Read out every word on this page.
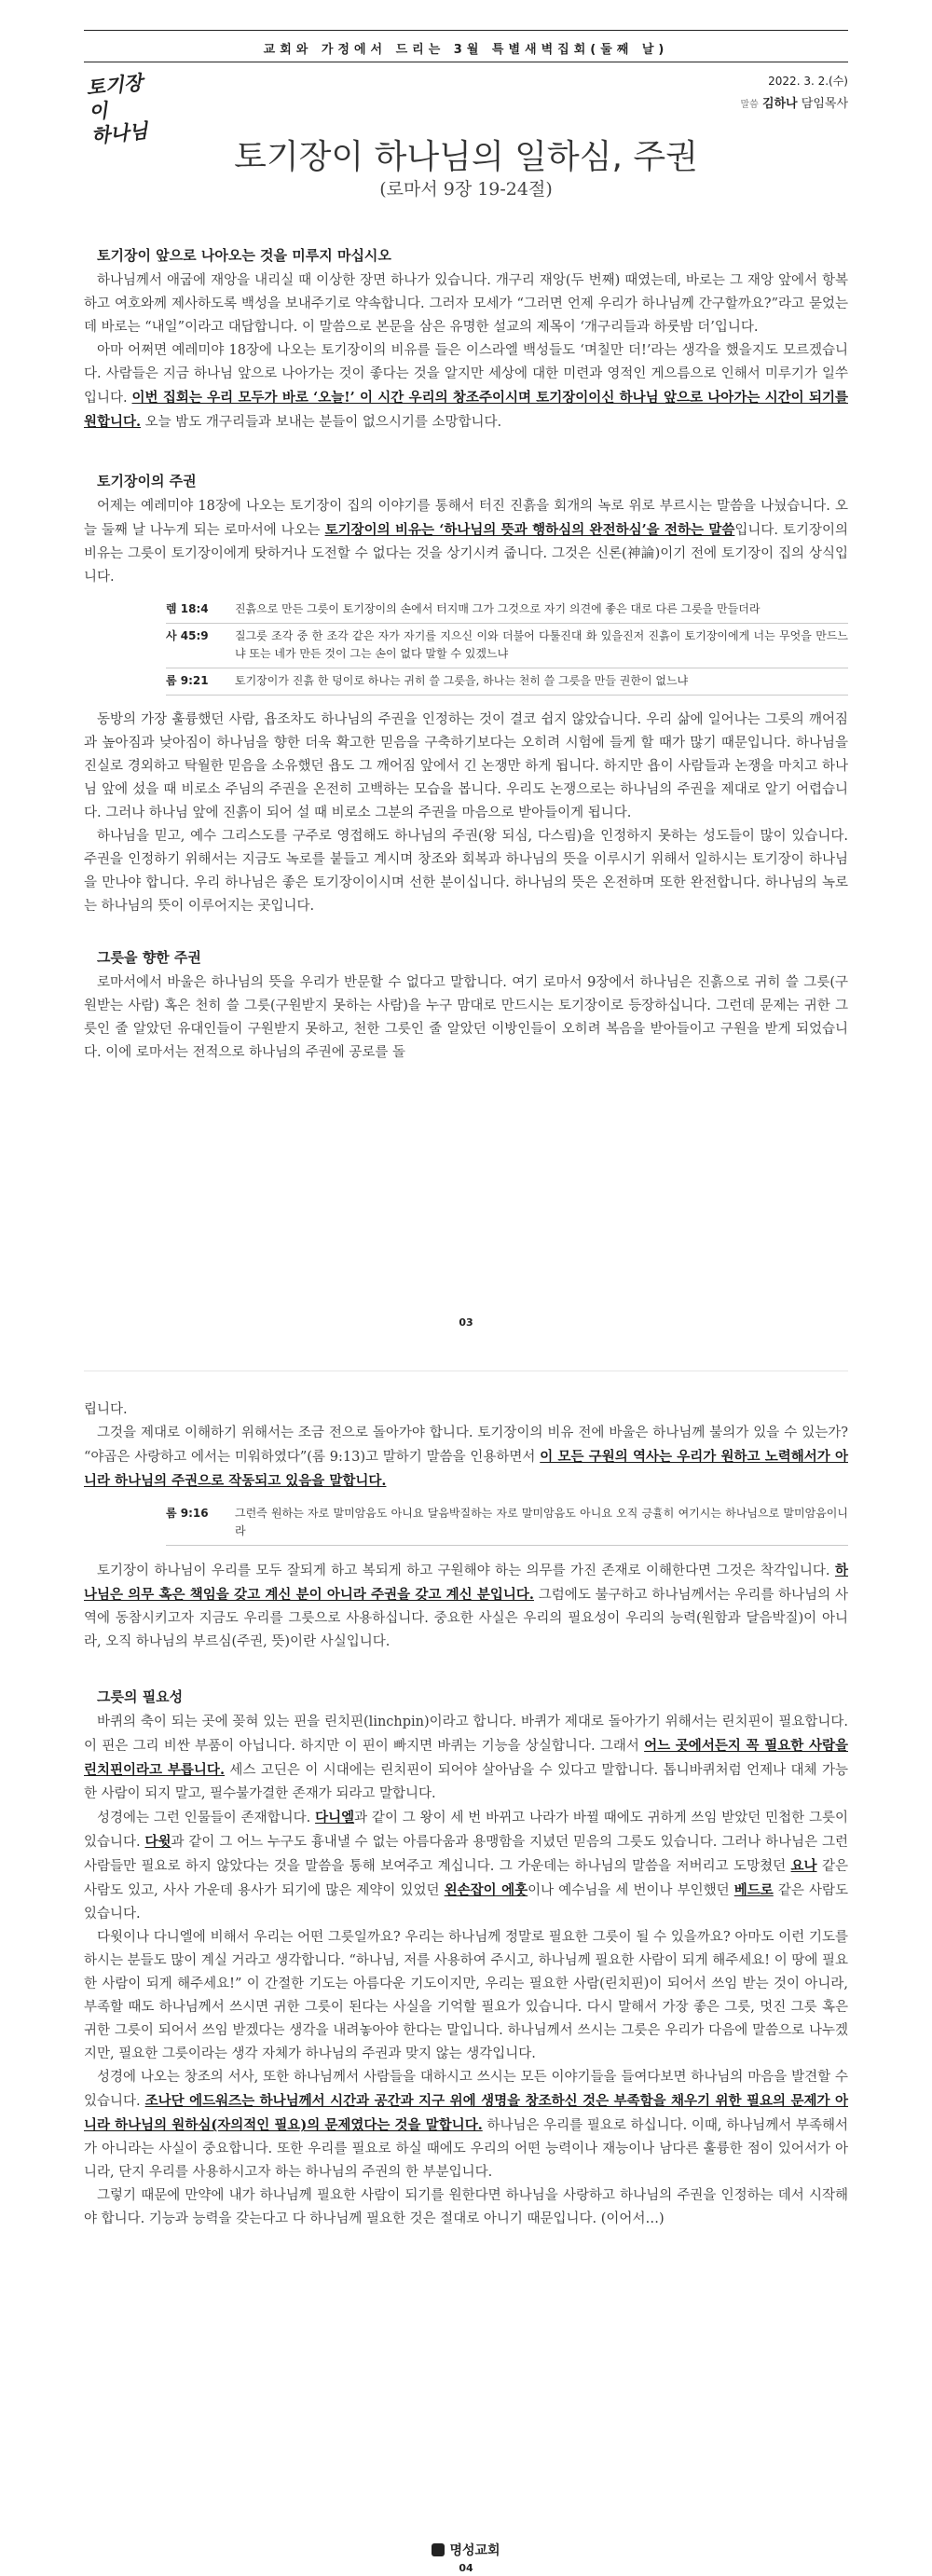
교회와 가정에서 드리는 3월 특별새벽집회(둘째 날)
토기장이
하나님
2022. 3. 2.(수)
말씀 김하나 담임목사
토기장이 하나님의 일하심, 주권
(로마서 9장 19-24절)
토기장이 앞으로 나아오는 것을 미루지 마십시오

하나님께서 애굽에 재앙을 내리실 때 이상한 장면 하나가 있습니다. 개구리 재앙(두 번째) 때였는데, 바로는 그 재앙 앞에서 항복하고 여호와께 제사하도록 백성을 보내주기로 약속합니다. 그러자 모세가 “그러면 언제 우리가 하나님께 간구할까요?”라고 묻었는데 바로는 “내일”이라고 대답합니다. 이 말씀으로 본문을 삼은 유명한 설교의 제목이 ‘개구리들과 하룻밤 더’입니다.

아마 어쩌면 예레미야 18장에 나오는 토기장이의 비유를 들은 이스라엘 백성들도 ‘며칠만 더!’라는 생각을 했을지도 모르겠습니다. 사람들은 지금 하나님 앞으로 나아가는 것이 좋다는 것을 알지만 세상에 대한 미련과 영적인 게으름으로 인해서 미루기가 일쑤입니다. 이번 집회는 우리 모두가 바로 ‘오늘!’ 이 시간 우리의 창조주이시며 토기장이이신 하나님 앞으로 나아가는 시간이 되기를 원합니다. 오늘 밤도 개구리들과 보내는 분들이 없으시기를 소망합니다.

토기장이의 주권

어제는 예레미야 18장에 나오는 토기장이 집의 이야기를 통해서 터진 진흙을 회개의 녹로 위로 부르시는 말씀을 나눴습니다. 오늘 둘째 날 나누게 되는 로마서에 나오는 토기장이의 비유는 ‘하나님의 뜻과 행하심의 완전하심’을 전하는 말씀입니다. 토기장이의 비유는 그릇이 토기장이에게 탓하거나 도전할 수 없다는 것을 상기시켜 줍니다. 그것은 신론(神論)이기 전에 토기장이 집의 상식입니다.

렘 18:4	진흙으로 만든 그릇이 토기장이의 손에서 터지매 그가 그것으로 자기 의견에 좋은 대로 다른 그릇을 만들더라
사 45:9	질그릇 조각 중 한 조각 같은 자가 자기를 지으신 이와 더불어 다툴진대 화 있을진저 진흙이 토기장이에게 너는 무엇을 만드느냐 또는 네가 만든 것이 그는 손이 없다 말할 수 있겠느냐
롬 9:21	토기장이가 진흙 한 덩이로 하나는 귀히 쓸 그릇을, 하나는 천히 쓸 그릇을 만들 권한이 없느냐

동방의 가장 훌륭했던 사람, 욥조차도 하나님의 주권을 인정하는 것이 결코 쉽지 않았습니다. 우리 삶에 일어나는 그릇의 깨어짐과 높아짐과 낮아짐이 하나님을 향한 더욱 확고한 믿음을 구축하기보다는 오히려 시험에 들게 할 때가 많기 때문입니다. 하나님을 진실로 경외하고 탁월한 믿음을 소유했던 욥도 그 깨어짐 앞에서 긴 논쟁만 하게 됩니다. 하지만 욥이 사람들과 논쟁을 마치고 하나님 앞에 섰을 때 비로소 주님의 주권을 온전히 고백하는 모습을 봅니다. 우리도 논쟁으로는 하나님의 주권을 제대로 알기 어렵습니다. 그러나 하나님 앞에 진흙이 되어 설 때 비로소 그분의 주권을 마음으로 받아들이게 됩니다.

하나님을 믿고, 예수 그리스도를 구주로 영접해도 하나님의 주권(왕 되심, 다스림)을 인정하지 못하는 성도들이 많이 있습니다. 주권을 인정하기 위해서는 지금도 녹로를 붙들고 계시며 창조와 회복과 하나님의 뜻을 이루시기 위해서 일하시는 토기장이 하나님을 만나야 합니다. 우리 하나님은 좋은 토기장이이시며 선한 분이십니다. 하나님의 뜻은 온전하며 또한 완전합니다. 하나님의 녹로는 하나님의 뜻이 이루어지는 곳입니다.

그릇을 향한 주권

로마서에서 바울은 하나님의 뜻을 우리가 반문할 수 없다고 말합니다. 여기 로마서 9장에서 하나님은 진흙으로 귀히 쓸 그릇(구원받는 사람) 혹은 천히 쓸 그릇(구원받지 못하는 사람)을 누구 맘대로 만드시는 토기장이로 등장하십니다. 그런데 문제는 귀한 그릇인 줄 알았던 유대인들이 구원받지 못하고, 천한 그릇인 줄 알았던 이방인들이 오히려 복음을 받아들이고 구원을 받게 되었습니다. 이에 로마서는 전적으로 하나님의 주권에 공로를 돌

03

립니다.

그것을 제대로 이해하기 위해서는 조금 전으로 돌아가야 합니다. 토기장이의 비유 전에 바울은 하나님께 불의가 있을 수 있는가? “야곱은 사랑하고 에서는 미워하였다”(롬 9:13)고 말하기 말씀을 인용하면서 이 모든 구원의 역사는 우리가 원하고 노력해서가 아니라 하나님의 주권으로 작동되고 있음을 말합니다.

롬 9:16	그런즉 원하는 자로 말미암음도 아니요 달음박질하는 자로 말미암음도 아니요 오직 긍휼히 여기시는 하나님으로 말미암음이니라

토기장이 하나님이 우리를 모두 잘되게 하고 복되게 하고 구원해야 하는 의무를 가진 존재로 이해한다면 그것은 착각입니다. 하나님은 의무 혹은 책임을 갖고 계신 분이 아니라 주권을 갖고 계신 분입니다. 그럼에도 불구하고 하나님께서는 우리를 하나님의 사역에 동참시키고자 지금도 우리를 그릇으로 사용하십니다. 중요한 사실은 우리의 필요성이 우리의 능력(원함과 달음박질)이 아니라, 오직 하나님의 부르심(주권, 뜻)이란 사실입니다.

그릇의 필요성

바퀴의 축이 되는 곳에 꽂혀 있는 핀을 린치핀(linchpin)이라고 합니다. 바퀴가 제대로 돌아가기 위해서는 린치핀이 필요합니다. 이 핀은 그리 비싼 부품이 아닙니다. 하지만 이 핀이 빠지면 바퀴는 기능을 상실합니다. 그래서 어느 곳에서든지 꼭 필요한 사람을 린치핀이라고 부릅니다. 세스 고딘은 이 시대에는 린치핀이 되어야 살아남을 수 있다고 말합니다. 톱니바퀴처럼 언제나 대체 가능한 사람이 되지 말고, 필수불가결한 존재가 되라고 말합니다.

성경에는 그런 인물들이 존재합니다. 다니엘과 같이 그 왕이 세 번 바뀌고 나라가 바뀔 때에도 귀하게 쓰임 받았던 민첩한 그릇이 있습니다. 다윗과 같이 그 어느 누구도 흉내낼 수 없는 아름다움과 용맹함을 지녔던 믿음의 그릇도 있습니다. 그러나 하나님은 그런 사람들만 필요로 하지 않았다는 것을 말씀을 통해 보여주고 계십니다. 그 가운데는 하나님의 말씀을 저버리고 도망쳤던 요나 같은 사람도 있고, 사사 가운데 용사가 되기에 많은 제약이 있었던 왼손잡이 에훗이나 예수님을 세 번이나 부인했던 베드로 같은 사람도 있습니다.

다윗이나 다니엘에 비해서 우리는 어떤 그릇일까요? 우리는 하나님께 정말로 필요한 그릇이 될 수 있을까요? 아마도 이런 기도를 하시는 분들도 많이 계실 거라고 생각합니다. “하나님, 저를 사용하여 주시고, 하나님께 필요한 사람이 되게 해주세요! 이 땅에 필요한 사람이 되게 해주세요!” 이 간절한 기도는 아름다운 기도이지만, 우리는 필요한 사람(린치핀)이 되어서 쓰임 받는 것이 아니라, 부족할 때도 하나님께서 쓰시면 귀한 그릇이 된다는 사실을 기억할 필요가 있습니다. 다시 말해서 가장 좋은 그릇, 멋진 그릇 혹은 귀한 그릇이 되어서 쓰임 받겠다는 생각을 내려놓아야 한다는 말입니다. 하나님께서 쓰시는 그릇은 우리가 다음에 말씀으로 나누겠지만, 필요한 그릇이라는 생각 자체가 하나님의 주권과 맞지 않는 생각입니다.

성경에 나오는 창조의 서사, 또한 하나님께서 사람들을 대하시고 쓰시는 모든 이야기들을 들여다보면 하나님의 마음을 발견할 수 있습니다. 조나단 에드워즈는 하나님께서 시간과 공간과 지구 위에 생명을 창조하신 것은 부족함을 채우기 위한 필요의 문제가 아니라 하나님의 원하심(자의적인 필요)의 문제였다는 것을 말합니다. 하나님은 우리를 필요로 하십니다. 이때, 하나님께서 부족해서가 아니라는 사실이 중요합니다. 또한 우리를 필요로 하실 때에도 우리의 어떤 능력이나 재능이나 남다른 훌륭한 점이 있어서가 아니라, 단지 우리를 사용하시고자 하는 하나님의 주권의 한 부분입니다.

그렇기 때문에 만약에 내가 하나님께 필요한 사람이 되기를 원한다면 하나님을 사랑하고 하나님의 주권을 인정하는 데서 시작해야 합니다. 기능과 능력을 갖는다고 다 하나님께 필요한 것은 절대로 아니기 때문입니다. (이어서…)

명성교회
04
